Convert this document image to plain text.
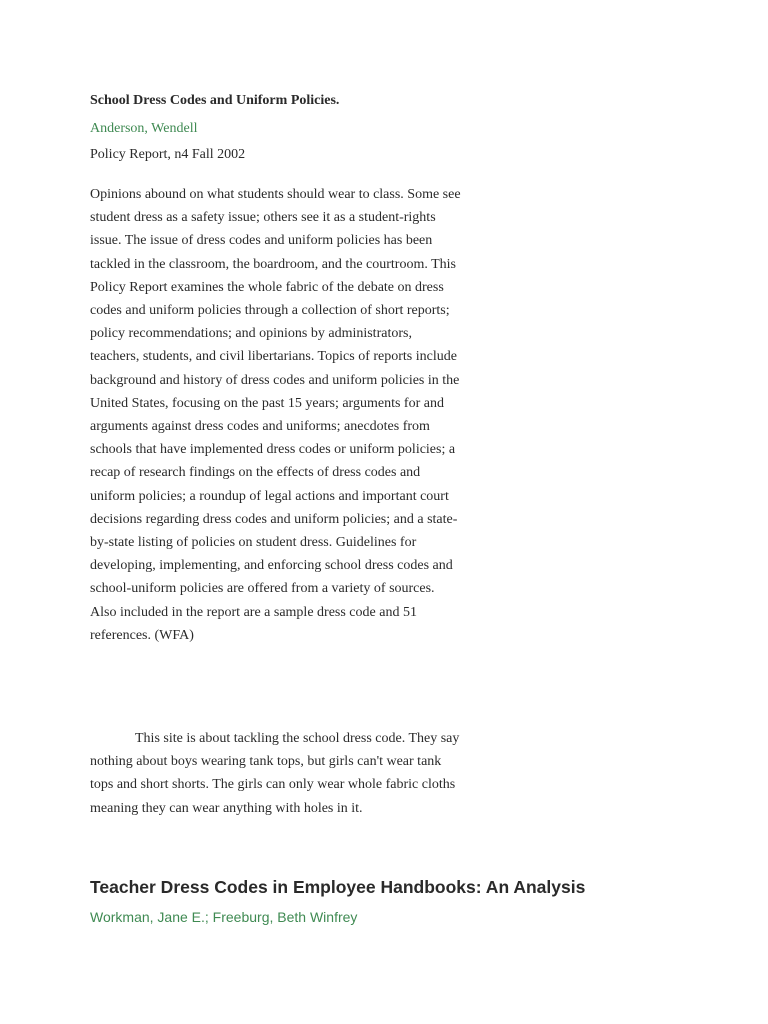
School Dress Codes and Uniform Policies.

Anderson, Wendell

Policy Report, n4 Fall 2002

Opinions abound on what students should wear to class. Some see student dress as a safety issue; others see it as a student-rights issue. The issue of dress codes and uniform policies has been tackled in the classroom, the boardroom, and the courtroom. This Policy Report examines the whole fabric of the debate on dress codes and uniform policies through a collection of short reports; policy recommendations; and opinions by administrators, teachers, students, and civil libertarians. Topics of reports include background and history of dress codes and uniform policies in the United States, focusing on the past 15 years; arguments for and arguments against dress codes and uniforms; anecdotes from schools that have implemented dress codes or uniform policies; a recap of research findings on the effects of dress codes and uniform policies; a roundup of legal actions and important court decisions regarding dress codes and uniform policies; and a state-by-state listing of policies on student dress. Guidelines for developing, implementing, and enforcing school dress codes and school-uniform policies are offered from a variety of sources. Also included in the report are a sample dress code and 51 references. (WFA)

This site is about tackling the school dress code. They say nothing about boys wearing tank tops, but girls can't wear tank tops and short shorts. The girls can only wear whole fabric cloths meaning they can wear anything with holes in it.

Teacher Dress Codes in Employee Handbooks: An Analysis

Workman, Jane E.; Freeburg, Beth Winfrey
